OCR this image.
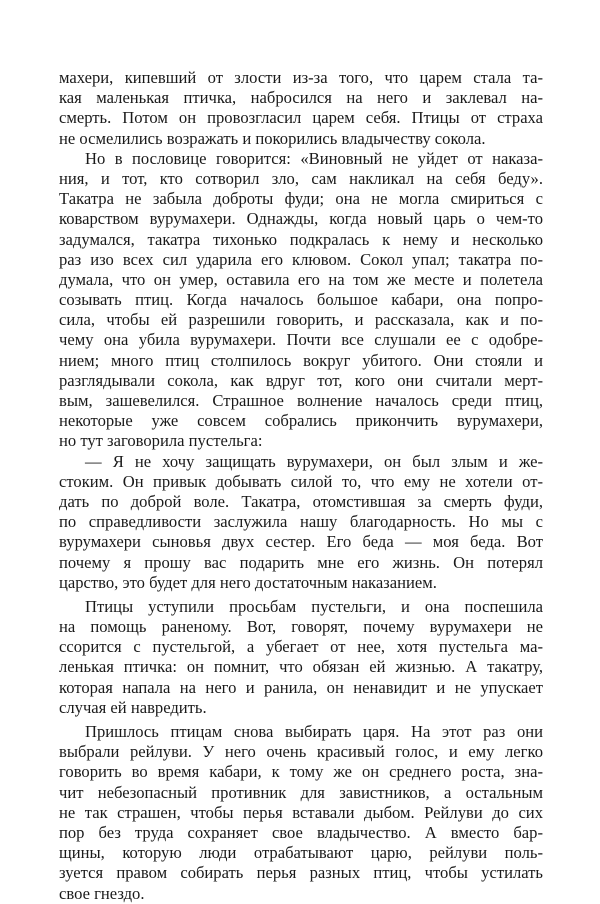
махери, кипевший от злости из-за того, что царем стала та-
кая маленькая птичка, набросился на него и заклевал на-
смерть. Потом он провозгласил царем себя. Птицы от страха
не осмелились возражать и покорились владычеству сокола.
Но в пословице говорится: «Виновный не уйдет от наказа-
ния, и тот, кто сотворил зло, сам накликал на себя беду».
Такатра не забыла доброты фуди; она не могла смириться с
коварством вурумахери. Однажды, когда новый царь о чем-то
задумался, такатра тихонько подкралась к нему и несколько
раз изо всех сил ударила его клювом. Сокол упал; такатра по-
думала, что он умер, оставила его на том же месте и полетела
созывать птиц. Когда началось большое кабари, она попро-
сила, чтобы ей разрешили говорить, и рассказала, как и по-
чему она убила вурумахери. Почти все слушали ее с одобре-
нием; много птиц столпилось вокруг убитого. Они стояли и
разглядывали сокола, как вдруг тот, кого они считали мерт-
вым, зашевелился. Страшное волнение началось среди птиц,
некоторые уже совсем собрались прикончить вурумахери,
но тут заговорила пустельга:
— Я не хочу защищать вурумахери, он был злым и же-
стоким. Он привык добывать силой то, что ему не хотели от-
дать по доброй воле. Такатра, отомстившая за смерть фуди,
по справедливости заслужила нашу благодарность. Но мы с
вурумахери сыновья двух сестер. Его беда — моя беда. Вот
почему я прошу вас подарить мне его жизнь. Он потерял
царство, это будет для него достаточным наказанием.
Птицы уступили просьбам пустельги, и она поспешила
на помощь раненому. Вот, говорят, почему вурумахери не
ссорится с пустельгой, а убегает от нее, хотя пустельга ма-
ленькая птичка: он помнит, что обязан ей жизнью. А такатру,
которая напала на него и ранила, он ненавидит и не упускает
случая ей навредить.
Пришлось птицам снова выбирать царя. На этот раз они
выбрали рейлуви. У него очень красивый голос, и ему легко
говорить во время кабари, к тому же он среднего роста, зна-
чит небезопасный противник для завистников, а остальным
не так страшен, чтобы перья вставали дыбом. Рейлуви до сих
пор без труда сохраняет свое владычество. А вместо бар-
щины, которую люди отрабатывают царю, рейлуви поль-
зуется правом собирать перья разных птиц, чтобы устилать
свое гнездо.
